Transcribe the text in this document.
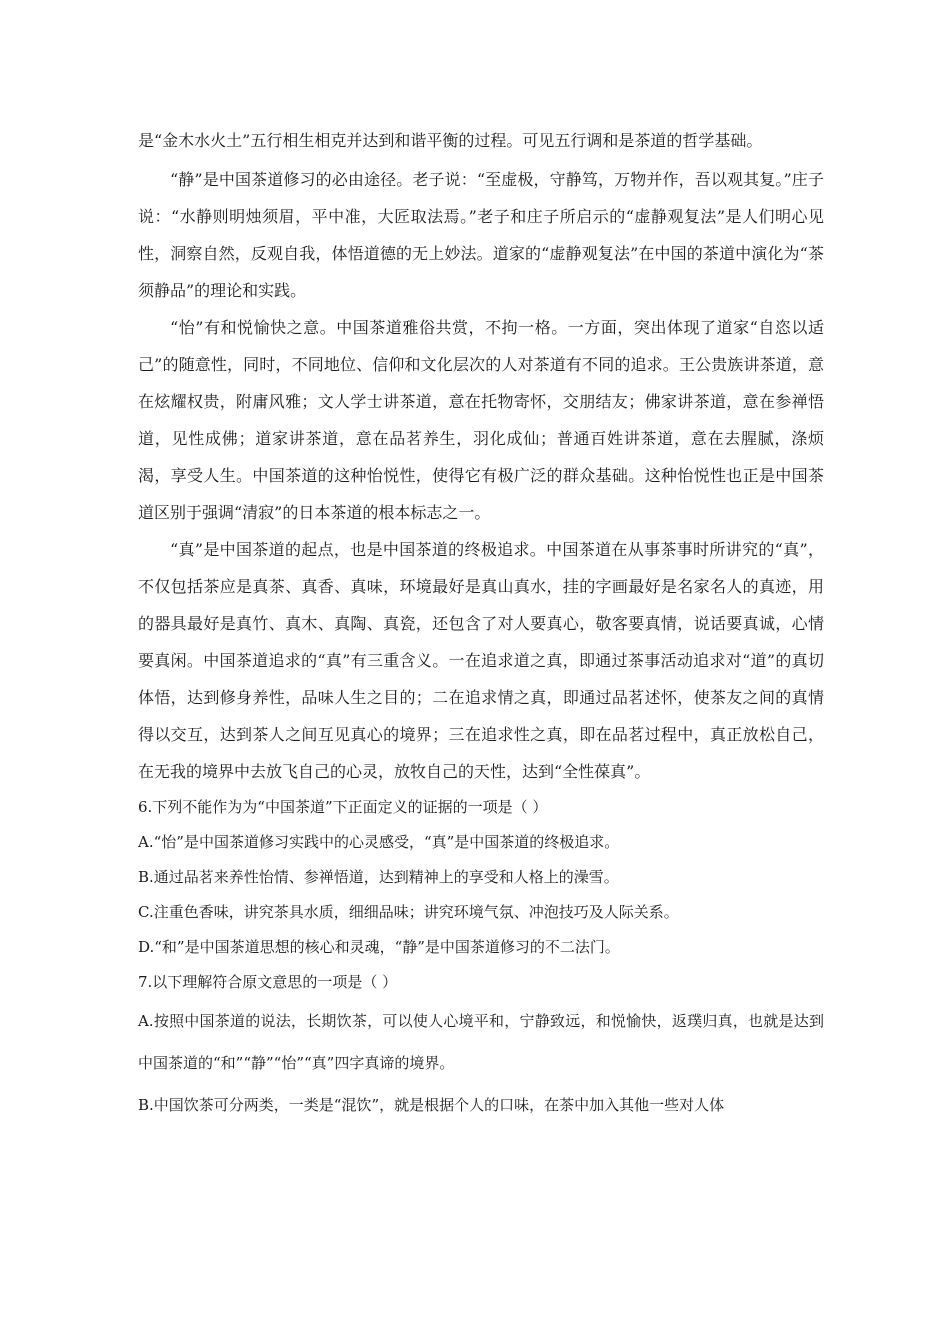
是“金木水火土”五行相生相克并达到和谐平衡的过程。可见五行调和是茶道的哲学基础。

“静”是中国茶道修习的必由途径。老子说：“至虚极，守静笃，万物并作，吾以观其复。”庄子说：“水静则明烛须眉，平中准，大匠取法焉。”老子和庄子所启示的“虚静观复法”是人们明心见性，洞察自然，反观自我，体悟道德的无上妙法。道家的“虚静观复法”在中国的茶道中演化为“茶须静品”的理论和实践。

“怡”有和悦愉快之意。中国茶道雅俗共赏，不拘一格。一方面，突出体现了道家“自恣以适己”的随意性，同时，不同地位、信仰和文化层次的人对茶道有不同的追求。王公贵族讲茶道，意在炫耀权贵，附庸风雅；文人学士讲茶道，意在托物寄怀，交朋结友；佛家讲茶道，意在参禅悟道，见性成佛；道家讲茶道，意在品茗养生，羽化成仙；普通百姓讲茶道，意在去腥腻，涤烦渴，享受人生。中国茶道的这种怡悦性，使得它有极广泛的群众基础。这种怡悦性也正是中国茶道区别于强调“清寂”的日本茶道的根本标志之一。

“真”是中国茶道的起点，也是中国茶道的终极追求。中国茶道在从事茶事时所讲究的“真”，不仅包括茶应是真茶、真香、真味，环境最好是真山真水，挂的字画最好是名家名人的真迹，用的器具最好是真竹、真木、真陶、真瓷，还包含了对人要真心，敬客要真情，说话要真诚，心情要真闲。中国茶道追求的“真”有三重含义。一在追求道之真，即通过茶事活动追求对“道”的真切体悟，达到修身养性，品味人生之目的；二在追求情之真，即通过品茗述怀，使茶友之间的真情得以交互，达到茶人之间互见真心的境界；三在追求性之真，即在品茗过程中，真正放松自己，在无我的境界中去放飞自己的心灵，放牧自己的天性，达到“全性葆真”。

6.下列不能作为为“中国茶道”下正面定义的证据的一项是（ ）

A.“怡”是中国茶道修习实践中的心灵感受，“真”是中国茶道的终极追求。

B.通过品茗来养性怡情、参禅悟道，达到精神上的享受和人格上的澡雪。

C.注重色香味，讲究茶具水质，细细品味；讲究环境气氛、冲泡技巧及人际关系。

D.“和”是中国茶道思想的核心和灵魂，“静”是中国茶道修习的不二法门。

7.以下理解符合原文意思的一项是（ ）

A.按照中国茶道的说法，长期饮茶，可以使人心境平和，宁静致远，和悦愉快，返璞归真，也就是达到中国茶道的“和”“静”“怡”“真”四字真谛的境界。

B.中国饮茶可分两类，一类是“混饮”，就是根据个人的口味，在茶中加入其他一些对人体
